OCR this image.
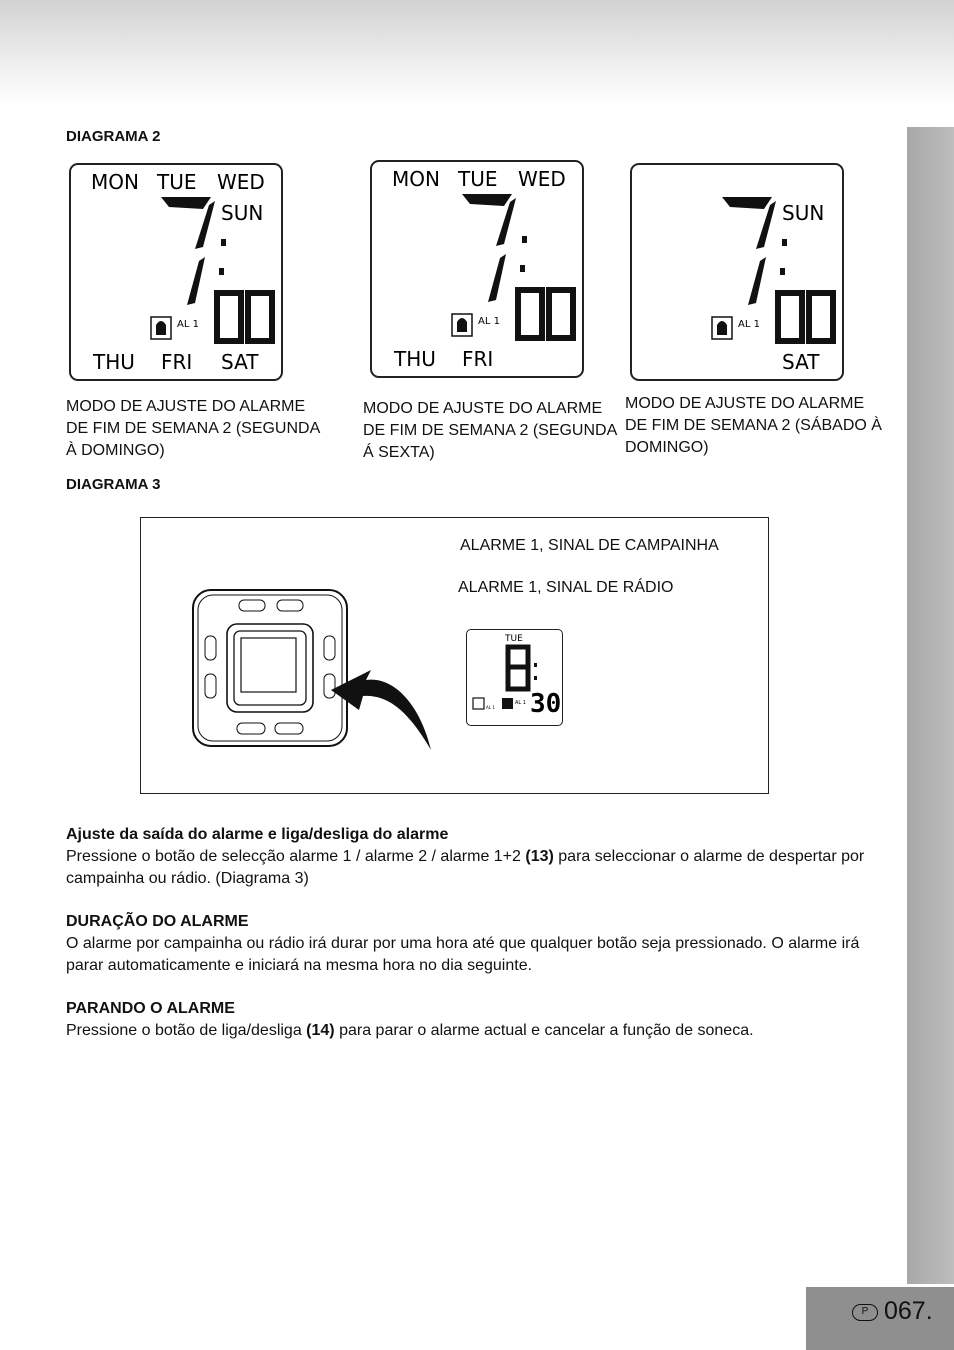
DIAGRAMA 2
MON TUE WED
SUN
00
AL 1
THU FRI SAT
MODO DE AJUSTE DO ALARME DE FIM DE SEMANA 2 (SEGUNDA À DOMINGO)
MON TUE WED
00
AL 1
THU FRI
MODO DE AJUSTE DO ALARME DE FIM DE SEMANA 2 (SEGUNDA Á SEXTA)
SUN
00
AL 1
SAT
MODO DE AJUSTE DO ALARME DE FIM DE SEMANA 2 (SÁBADO À DOMINGO)
DIAGRAMA 3
ALARME 1, SINAL DE CAMPAINHA
ALARME 1, SINAL DE RÁDIO
TUE
8
30
AL 1
AL 1
Ajuste da saída do alarme e liga/desliga do alarme
Pressione o botão de selecção alarme 1 / alarme 2 / alarme 1+2 (13) para seleccionar o alarme de despertar por campainha ou rádio. (Diagrama 3)
DURAÇÃO DO ALARME
O alarme por campainha ou rádio irá durar por uma hora até que qualquer botão seja pressionado. O alarme irá parar automaticamente e iniciará na mesma hora no dia seguinte.
PARANDO O ALARME
Pressione o botão de liga/desliga (14) para parar o alarme actual e cancelar a função de soneca.
P 067.
